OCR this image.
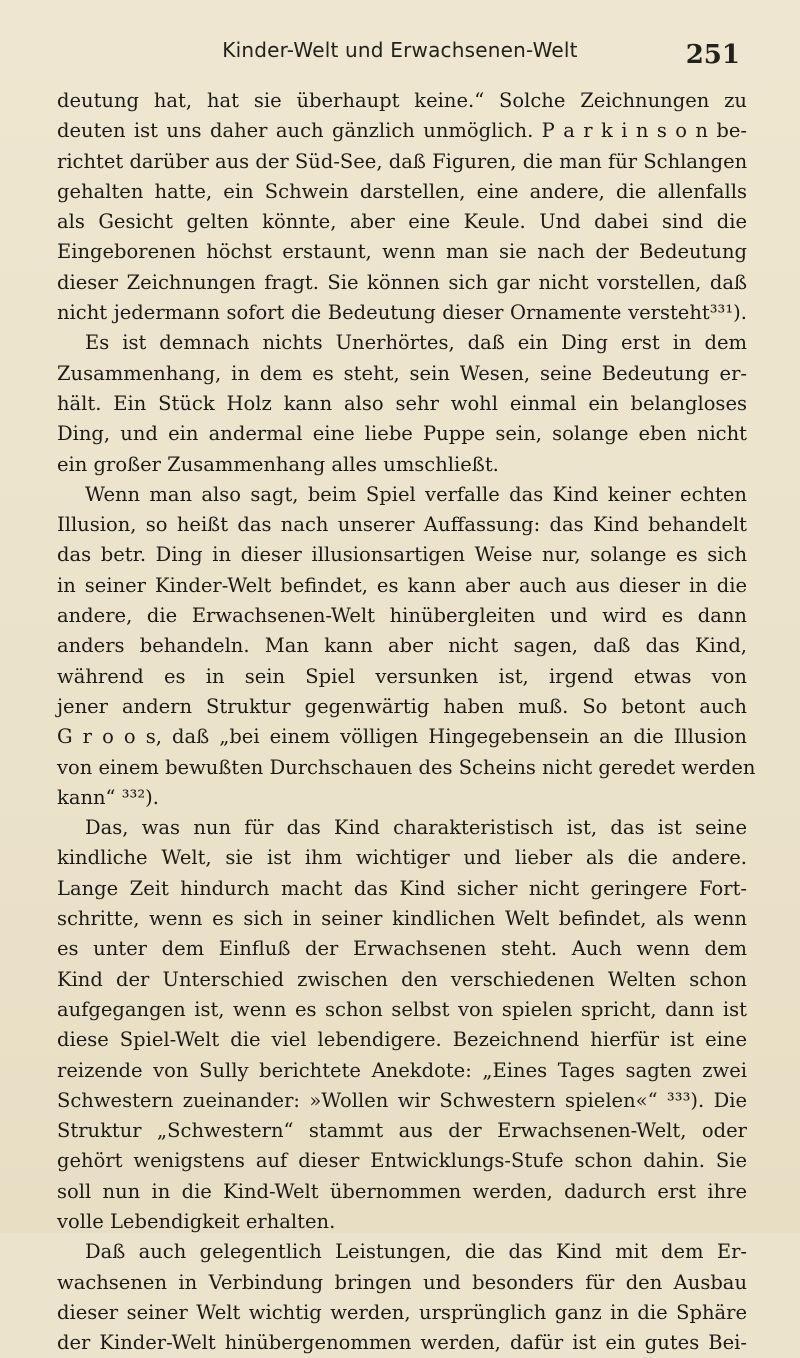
Kinder-Welt und Erwachsenen-Welt	251
deutung hat, hat sie überhaupt keine.“ Solche Zeichnungen zu
deuten ist uns daher auch gänzlich unmöglich. P a r k i n s o n be-
richtet darüber aus der Süd-See, daß Figuren, die man für Schlangen
gehalten hatte, ein Schwein darstellen, eine andere, die allenfalls
als Gesicht gelten könnte, aber eine Keule. Und dabei sind die
Eingeborenen höchst erstaunt, wenn man sie nach der Bedeutung
dieser Zeichnungen fragt. Sie können sich gar nicht vorstellen, daß
nicht jedermann sofort die Bedeutung dieser Ornamente versteht³³¹).
Es ist demnach nichts Unerhörtes, daß ein Ding erst in dem
Zusammenhang, in dem es steht, sein Wesen, seine Bedeutung er-
hält. Ein Stück Holz kann also sehr wohl einmal ein belangloses
Ding, und ein andermal eine liebe Puppe sein, solange eben nicht
ein großer Zusammenhang alles umschließt.
Wenn man also sagt, beim Spiel verfalle das Kind keiner echten
Illusion, so heißt das nach unserer Auffassung: das Kind behandelt
das betr. Ding in dieser illusionsartigen Weise nur, solange es sich
in seiner Kinder-Welt befindet, es kann aber auch aus dieser in die
andere, die Erwachsenen-Welt hinübergleiten und wird es dann
anders behandeln. Man kann aber nicht sagen, daß das Kind,
während es in sein Spiel versunken ist, irgend etwas von
jener andern Struktur gegenwärtig haben muß. So betont auch
G r o o s, daß „bei einem völligen Hingegebensein an die Illusion
von einem bewußten Durchschauen des Scheins nicht geredet werden
kann“ ³³²).
Das, was nun für das Kind charakteristisch ist, das ist seine
kindliche Welt, sie ist ihm wichtiger und lieber als die andere.
Lange Zeit hindurch macht das Kind sicher nicht geringere Fort-
schritte, wenn es sich in seiner kindlichen Welt befindet, als wenn
es unter dem Einfluß der Erwachsenen steht. Auch wenn dem
Kind der Unterschied zwischen den verschiedenen Welten schon
aufgegangen ist, wenn es schon selbst von spielen spricht, dann ist
diese Spiel-Welt die viel lebendigere. Bezeichnend hierfür ist eine
reizende von Sully berichtete Anekdote: „Eines Tages sagten zwei
Schwestern zueinander: »Wollen wir Schwestern spielen«“ ³³³). Die
Struktur „Schwestern“ stammt aus der Erwachsenen-Welt, oder
gehört wenigstens auf dieser Entwicklungs-Stufe schon dahin. Sie
soll nun in die Kind-Welt übernommen werden, dadurch erst ihre
volle Lebendigkeit erhalten.
Daß auch gelegentlich Leistungen, die das Kind mit dem Er-
wachsenen in Verbindung bringen und besonders für den Ausbau
dieser seiner Welt wichtig werden, ursprünglich ganz in die Sphäre
der Kinder-Welt hinübergenommen werden, dafür ist ein gutes Bei-
